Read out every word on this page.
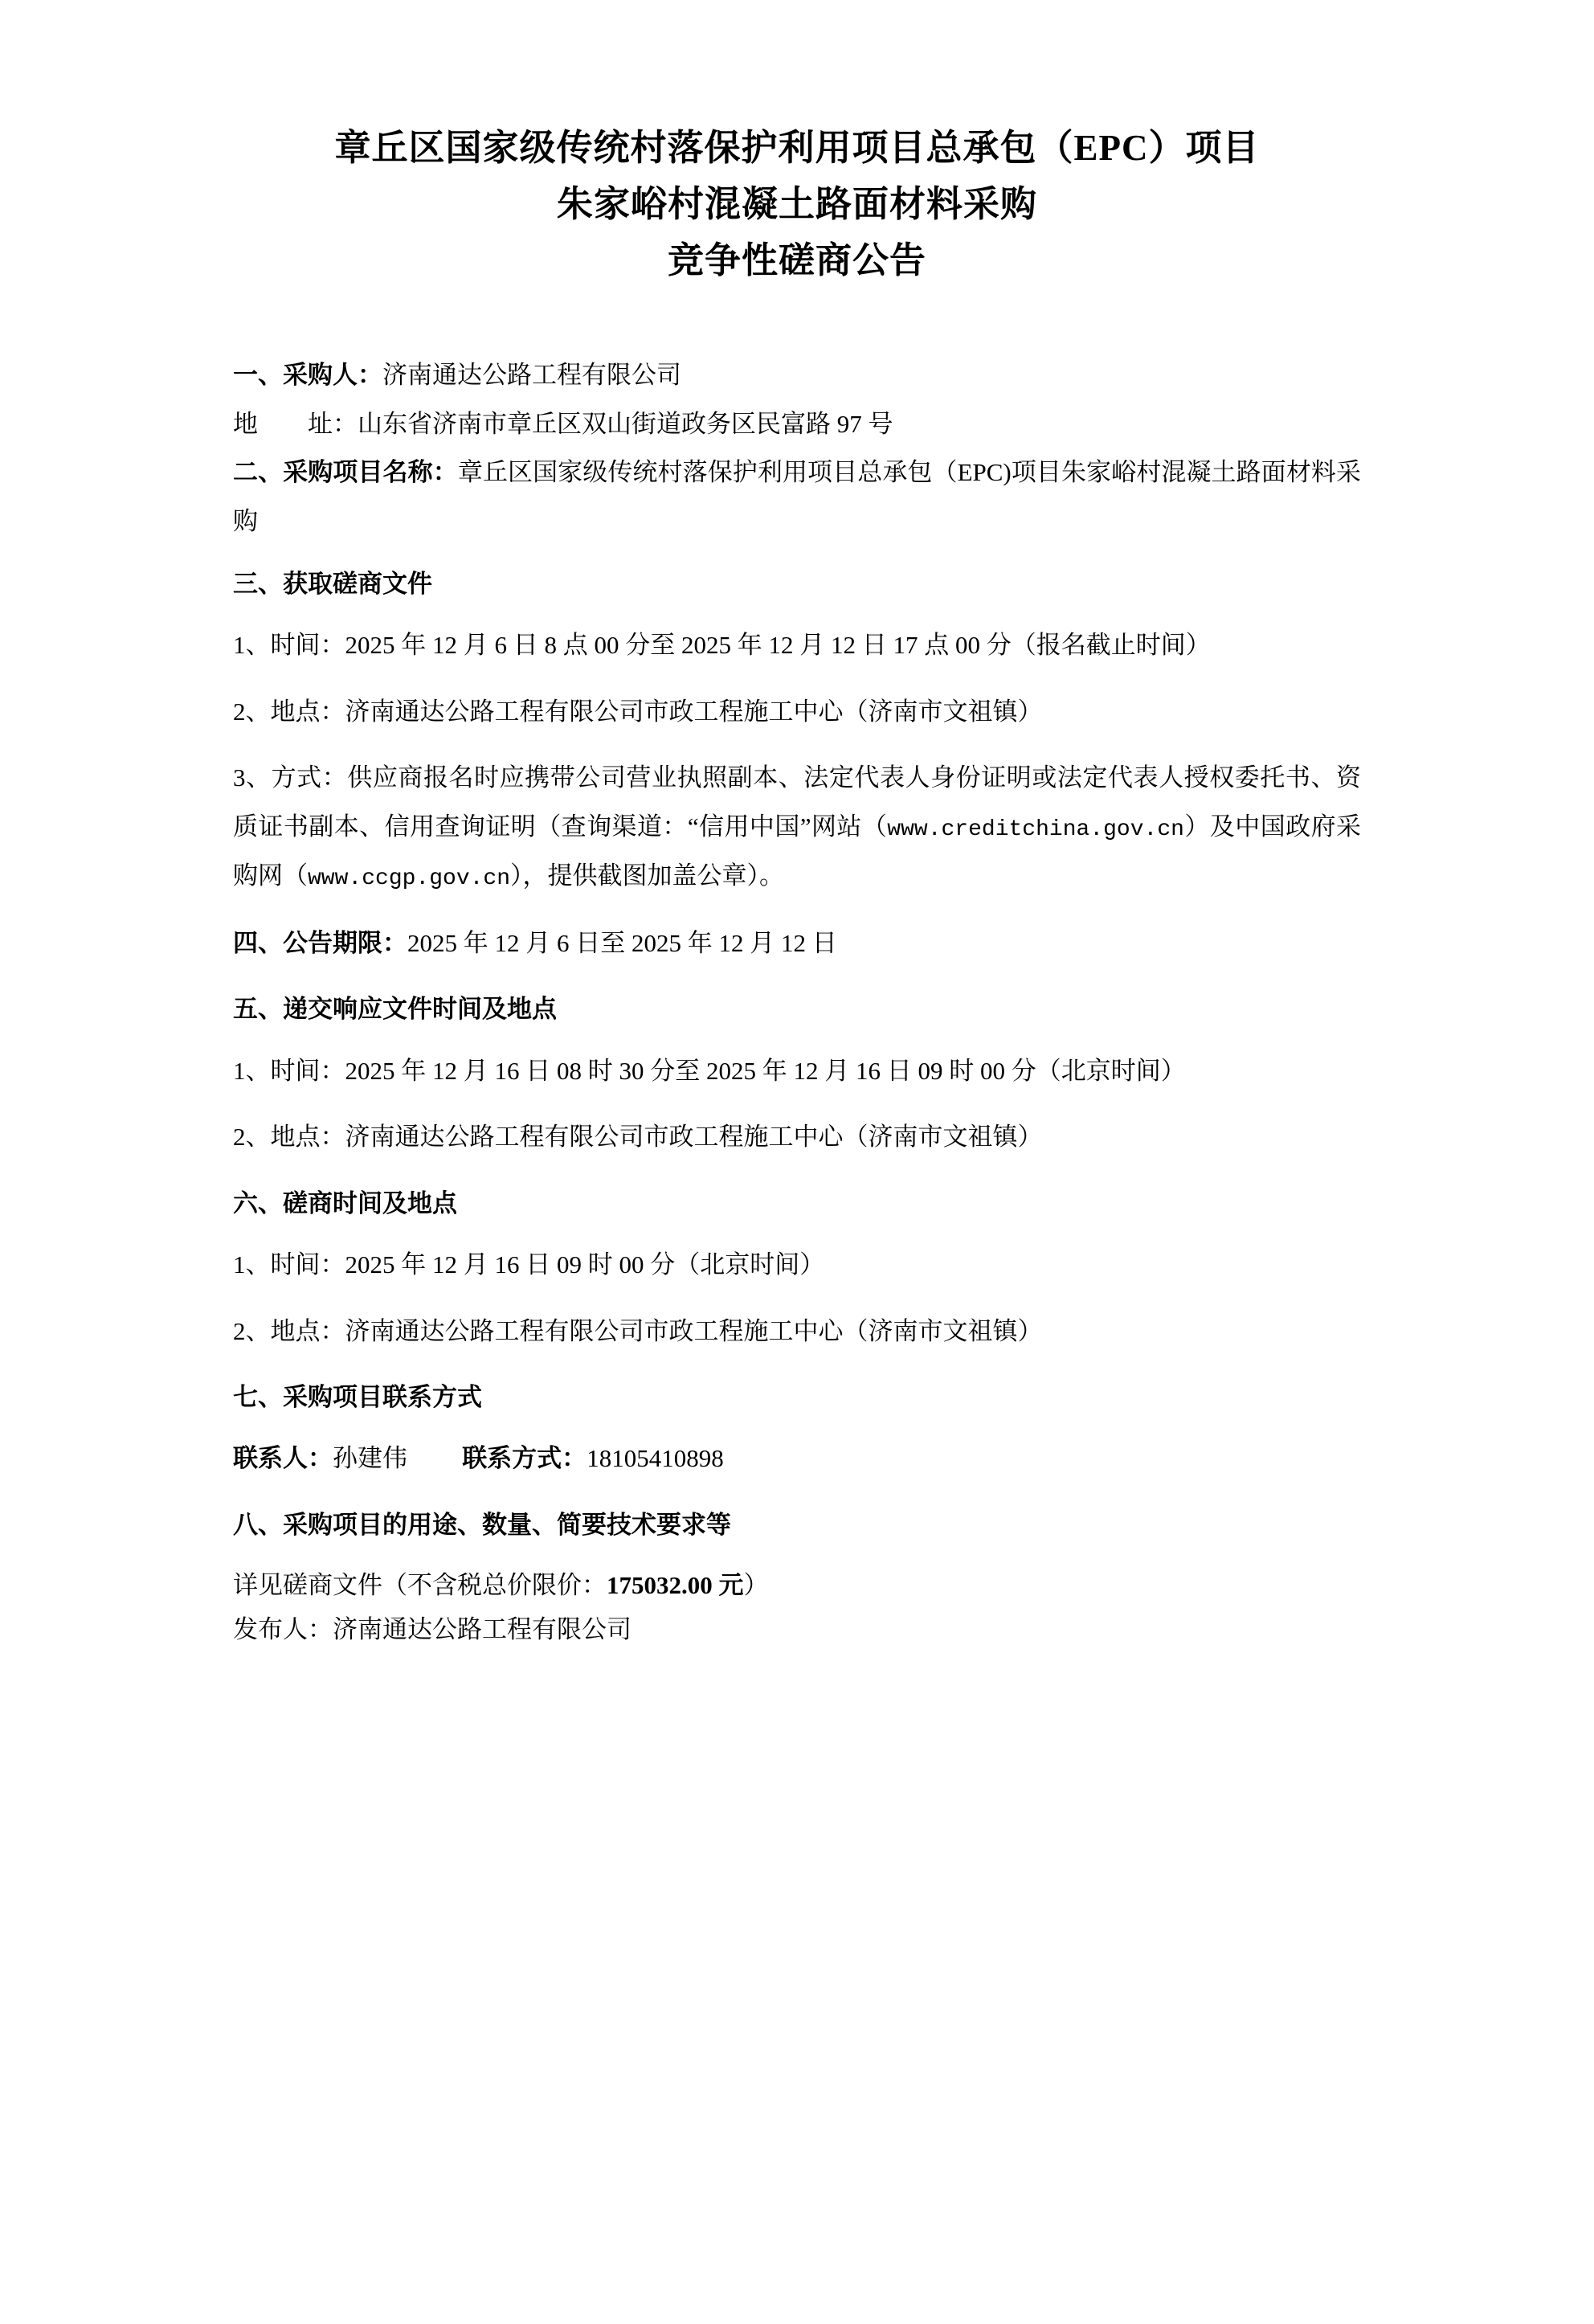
章丘区国家级传统村落保护利用项目总承包（EPC）项目
朱家峪村混凝土路面材料采购
竞争性磋商公告
一、采购人：济南通达公路工程有限公司
地　　址：山东省济南市章丘区双山街道政务区民富路 97 号
二、采购项目名称：章丘区国家级传统村落保护利用项目总承包（EPC)项目朱家峪村混凝土路面材料采购
三、获取磋商文件
1、时间：2025 年 12 月 6 日 8 点 00 分至 2025 年 12 月 12 日 17 点 00 分（报名截止时间）
2、地点：济南通达公路工程有限公司市政工程施工中心（济南市文祖镇）
3、方式：供应商报名时应携带公司营业执照副本、法定代表人身份证明或法定代表人授权委托书、资质证书副本、信用查询证明（查询渠道：“信用中国”网站（www.creditchina.gov.cn）及中国政府采购网（www.ccgp.gov.cn），提供截图加盖公章）。
四、公告期限：2025 年 12 月 6 日至 2025 年 12 月 12 日
五、递交响应文件时间及地点
1、时间：2025 年 12 月 16 日 08 时 30 分至 2025 年 12 月 16 日 09 时 00 分（北京时间）
2、地点：济南通达公路工程有限公司市政工程施工中心（济南市文祖镇）
六、磋商时间及地点
1、时间：2025 年 12 月 16 日 09 时 00 分（北京时间）
2、地点：济南通达公路工程有限公司市政工程施工中心（济南市文祖镇）
七、采购项目联系方式
联系人：孙建伟 联系方式：18105410898
八、采购项目的用途、数量、简要技术要求等
详见磋商文件（不含税总价限价：175032.00 元）
发布人：济南通达公路工程有限公司
